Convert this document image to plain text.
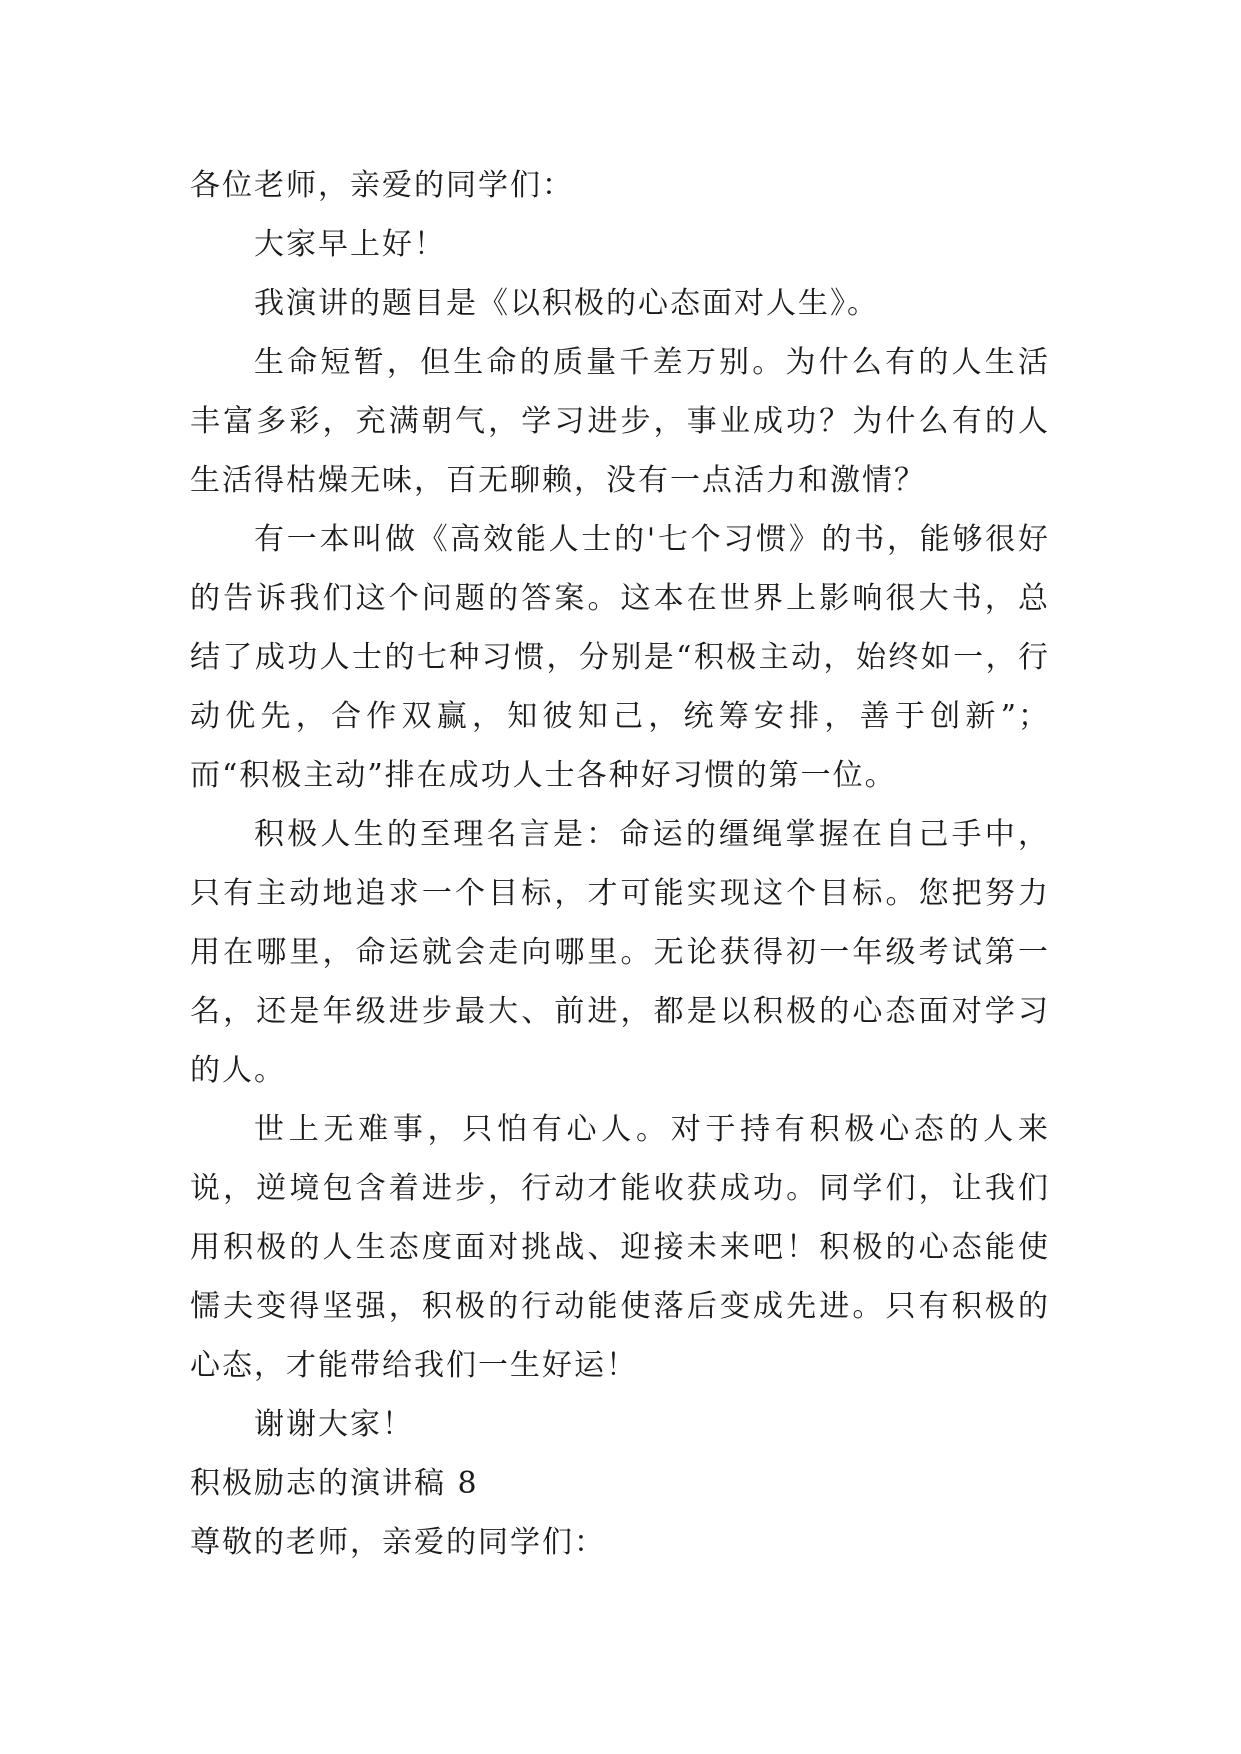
各位老师，亲爱的同学们：

大家早上好！

我演讲的题目是《以积极的心态面对人生》。

生命短暂，但生命的质量千差万别。为什么有的人生活丰富多彩，充满朝气，学习进步，事业成功？为什么有的人生活得枯燥无味，百无聊赖，没有一点活力和激情？

有一本叫做《高效能人士的'七个习惯》的书，能够很好的告诉我们这个问题的答案。这本在世界上影响很大书，总结了成功人士的七种习惯，分别是“积极主动，始终如一，行动优先，合作双赢，知彼知己，统筹安排，善于创新”；而“积极主动”排在成功人士各种好习惯的第一位。

积极人生的至理名言是：命运的缰绳掌握在自己手中，只有主动地追求一个目标，才可能实现这个目标。您把努力用在哪里，命运就会走向哪里。无论获得初一年级考试第一名，还是年级进步最大、前进，都是以积极的心态面对学习的人。

世上无难事，只怕有心人。对于持有积极心态的人来说，逆境包含着进步，行动才能收获成功。同学们，让我们用积极的人生态度面对挑战、迎接未来吧！积极的心态能使懦夫变得坚强，积极的行动能使落后变成先进。只有积极的心态，才能带给我们一生好运！

谢谢大家！

积极励志的演讲稿 8

尊敬的老师，亲爱的同学们：
